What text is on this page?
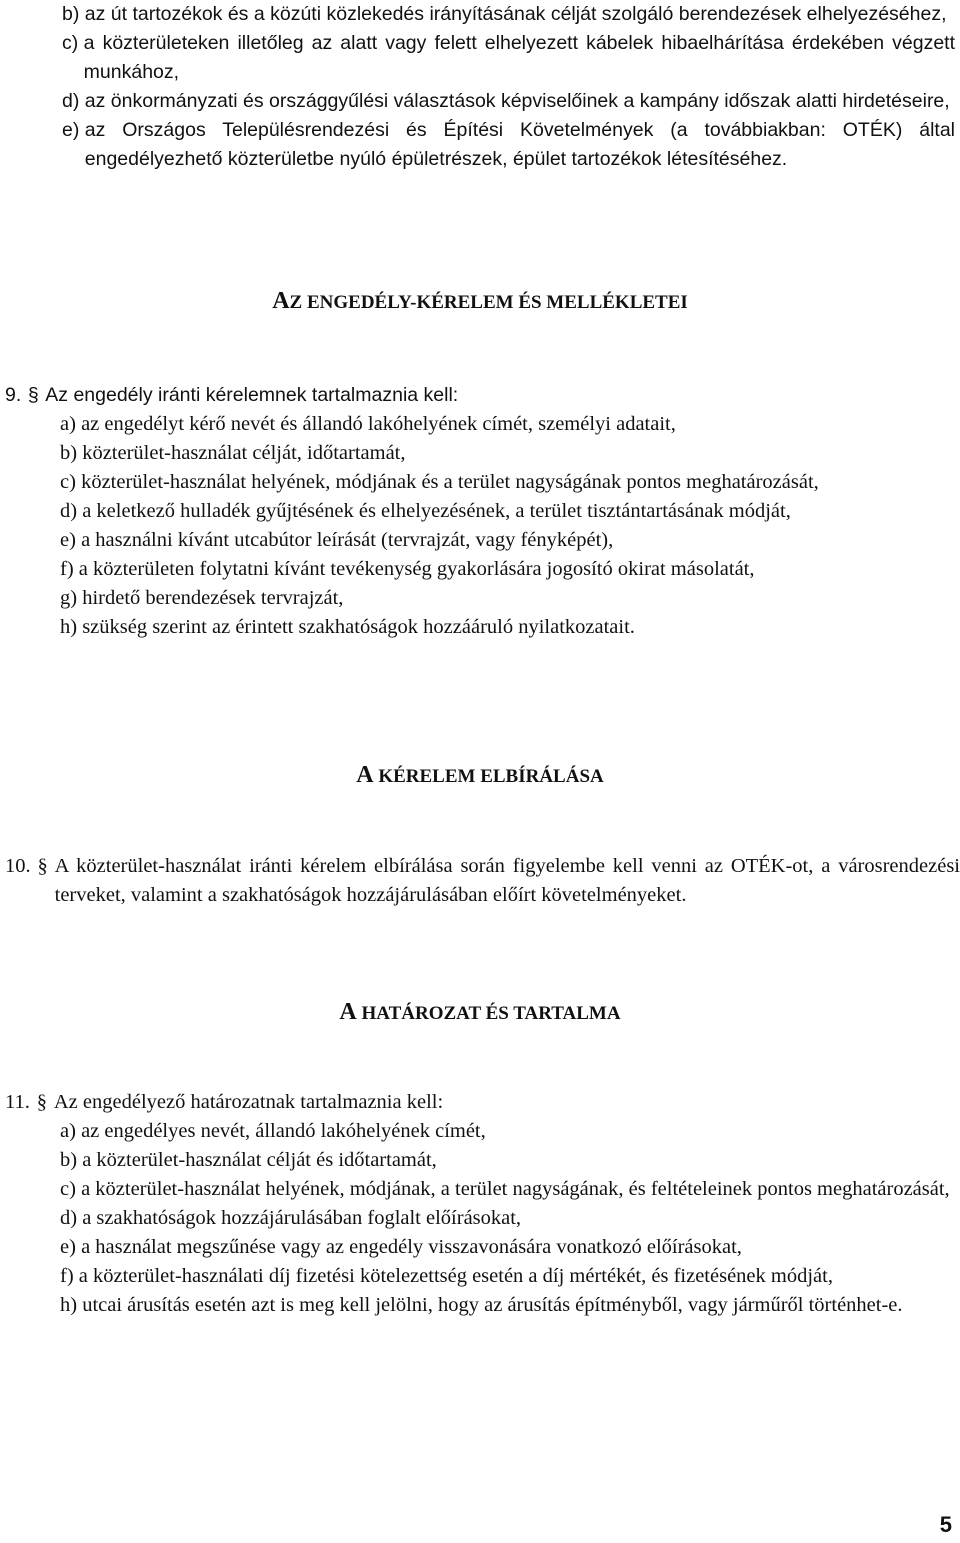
b) az út tartozékok és a közúti közlekedés irányításának célját szolgáló berendezések elhelyezéséhez,
c) a közterületeken illetőleg az alatt vagy felett elhelyezett kábelek hibaelhárítása érdekében végzett munkához,
d) az önkormányzati és országgyűlési választások képviselőinek a kampány időszak alatti hirdetéseire,
e) az Országos Településrendezési és Építési Követelmények (a továbbiakban: OTÉK) által engedélyezhető közterületbe nyúló épületrészek, épület tartozékok létesítéséhez.
AZ ENGEDÉLY-KÉRELEM ÉS MELLÉKLETEI
9. § Az engedély iránti kérelemnek tartalmaznia kell:
a) az engedélyt kérő nevét és állandó lakóhelyének címét, személyi adatait,
b) közterület-használat célját, időtartamát,
c) közterület-használat helyének, módjának és a terület nagyságának pontos meghatározását,
d) a keletkező hulladék gyűjtésének és elhelyezésének, a terület tisztántartásának módját,
e) a használni kívánt utcabútor leírását (tervrajzát, vagy fényképét),
f) a közterületen folytatni kívánt tevékenység gyakorlására jogosító okirat másolatát,
g) hirdető berendezések tervrajzát,
h) szükség szerint az érintett szakhatóságok hozzááruló nyilatkozatait.
A KÉRELEM ELBÍRÁLÁSA
10. § A közterület-használat iránti kérelem elbírálása során figyelembe kell venni az OTÉK-ot, a városrendezési terveket, valamint a szakhatóságok hozzájárulásában előírt követelményeket.
A HATÁROZAT ÉS TARTALMA
11. § Az engedélyező határozatnak tartalmaznia kell:
a) az engedélyes nevét, állandó lakóhelyének címét,
b) a közterület-használat célját és időtartamát,
c) a közterület-használat helyének, módjának, a terület nagyságának, és feltételeinek pontos meghatározását,
d) a szakhatóságok hozzájárulásában foglalt előírásokat,
e) a használat megszűnése vagy az engedély visszavonására vonatkozó előírásokat,
f) a közterület-használati díj fizetési kötelezettség esetén a díj mértékét, és fizetésének módját,
h) utcai árusítás esetén azt is meg kell jelölni, hogy az árusítás építményből, vagy járműről történhet-e.
5
